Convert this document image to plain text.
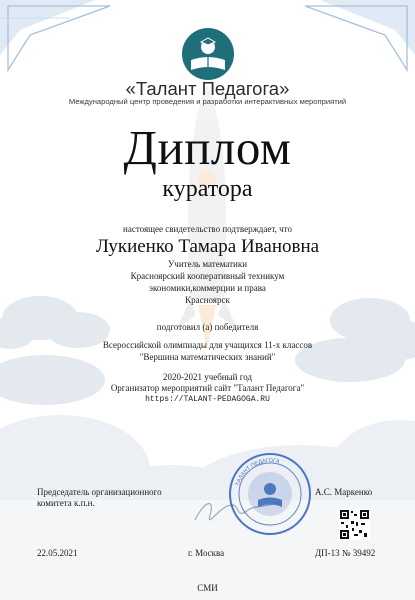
«Талант Педагога»
Международный центр проведения и разработки интерактивных мероприятий
Диплом
куратора
настоящее свидетельство подтверждает, что
Лукиенко Тамара Ивановна
Учитель математики
Красноярский кооперативный техникум
экономики,коммерции и права
Красноярск
подготовил (а) победителя
Всероссийской олимпиады для учащихся 11-х классов
"Вершина математических знаний"
2020-2021 учебный год
Организатор мероприятий сайт "Талант Педагога"
https://TALANT-PEDAGOGA.RU
ТАЛАНТ ПЕДАГОГА
Председатель организационного
комитета к.п.н.
А.С. Маркенко
22.05.2021	г. Москва	ДП-13 № 39492
СМИ
